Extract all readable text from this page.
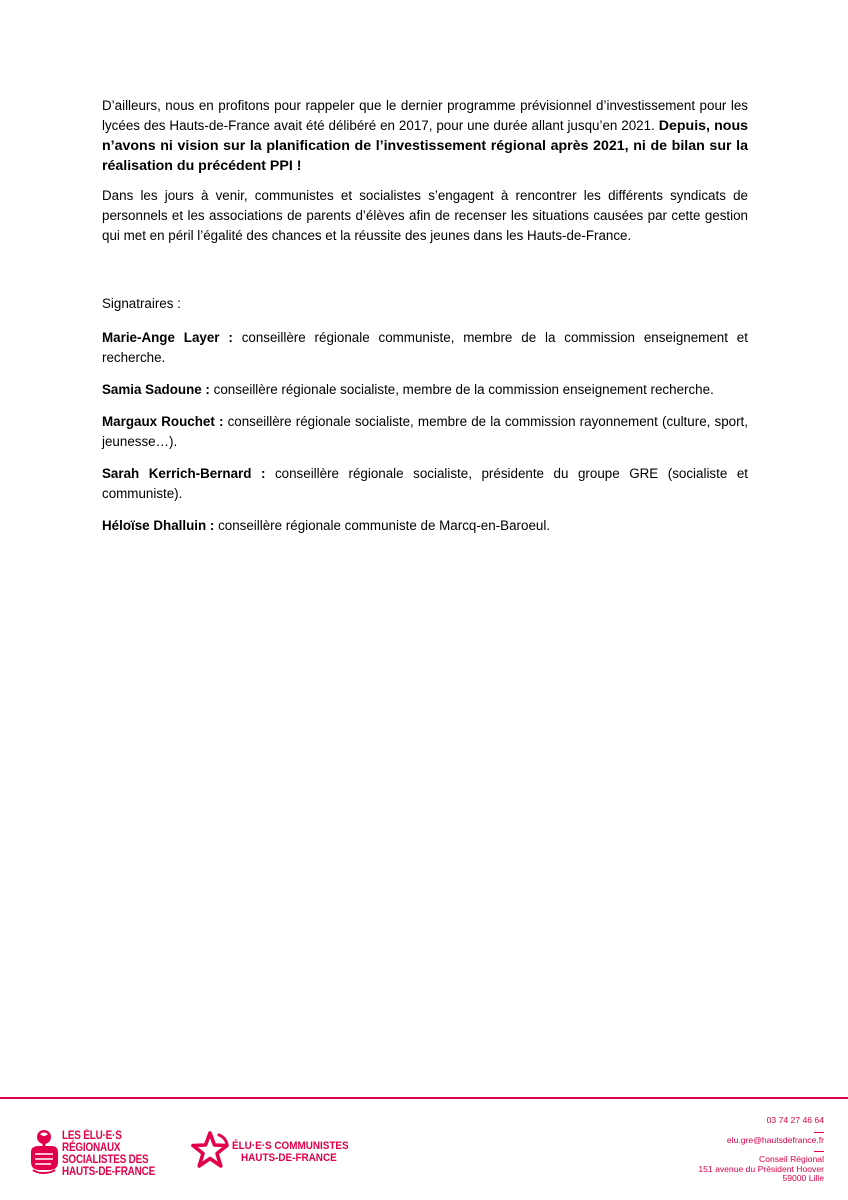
D’ailleurs, nous en profitons pour rappeler que le dernier programme prévisionnel d’investissement pour les lycées des Hauts-de-France avait été délibéré en 2017, pour une durée allant jusqu’en 2021. Depuis, nous n’avons ni vision sur la planification de l’investissement régional après 2021, ni de bilan sur la réalisation du précédent PPI !

Dans les jours à venir, communistes et socialistes s’engagent à rencontrer les différents syndicats de personnels et les associations de parents d’élèves afin de recenser les situations causées par cette gestion qui met en péril l’égalité des chances et la réussite des jeunes dans les Hauts-de-France.

Signatraires :

Marie-Ange Layer : conseillère régionale communiste, membre de la commission enseignement et recherche.

Samia Sadoune : conseillère régionale socialiste, membre de la commission enseignement recherche.

Margaux Rouchet : conseillère régionale socialiste, membre de la commission rayonnement (culture, sport, jeunesse…).

Sarah Kerrich-Bernard : conseillère régionale socialiste, présidente du groupe GRE (socialiste et communiste).

Héloïse Dhalluin : conseillère régionale communiste de Marcq-en-Baroeul.

LES ÉLU·E·S RÉGIONAUX
SOCIALISTES DES
HAUTS-DE-FRANCE
ÉLU·E·S COMMUNISTES
HAUTS-DE-FRANCE
03 74 27 46 64
elu.gre@hautsdefrance.fr
Conseil Régional
151 avenue du Président Hoover
59000 Lille
